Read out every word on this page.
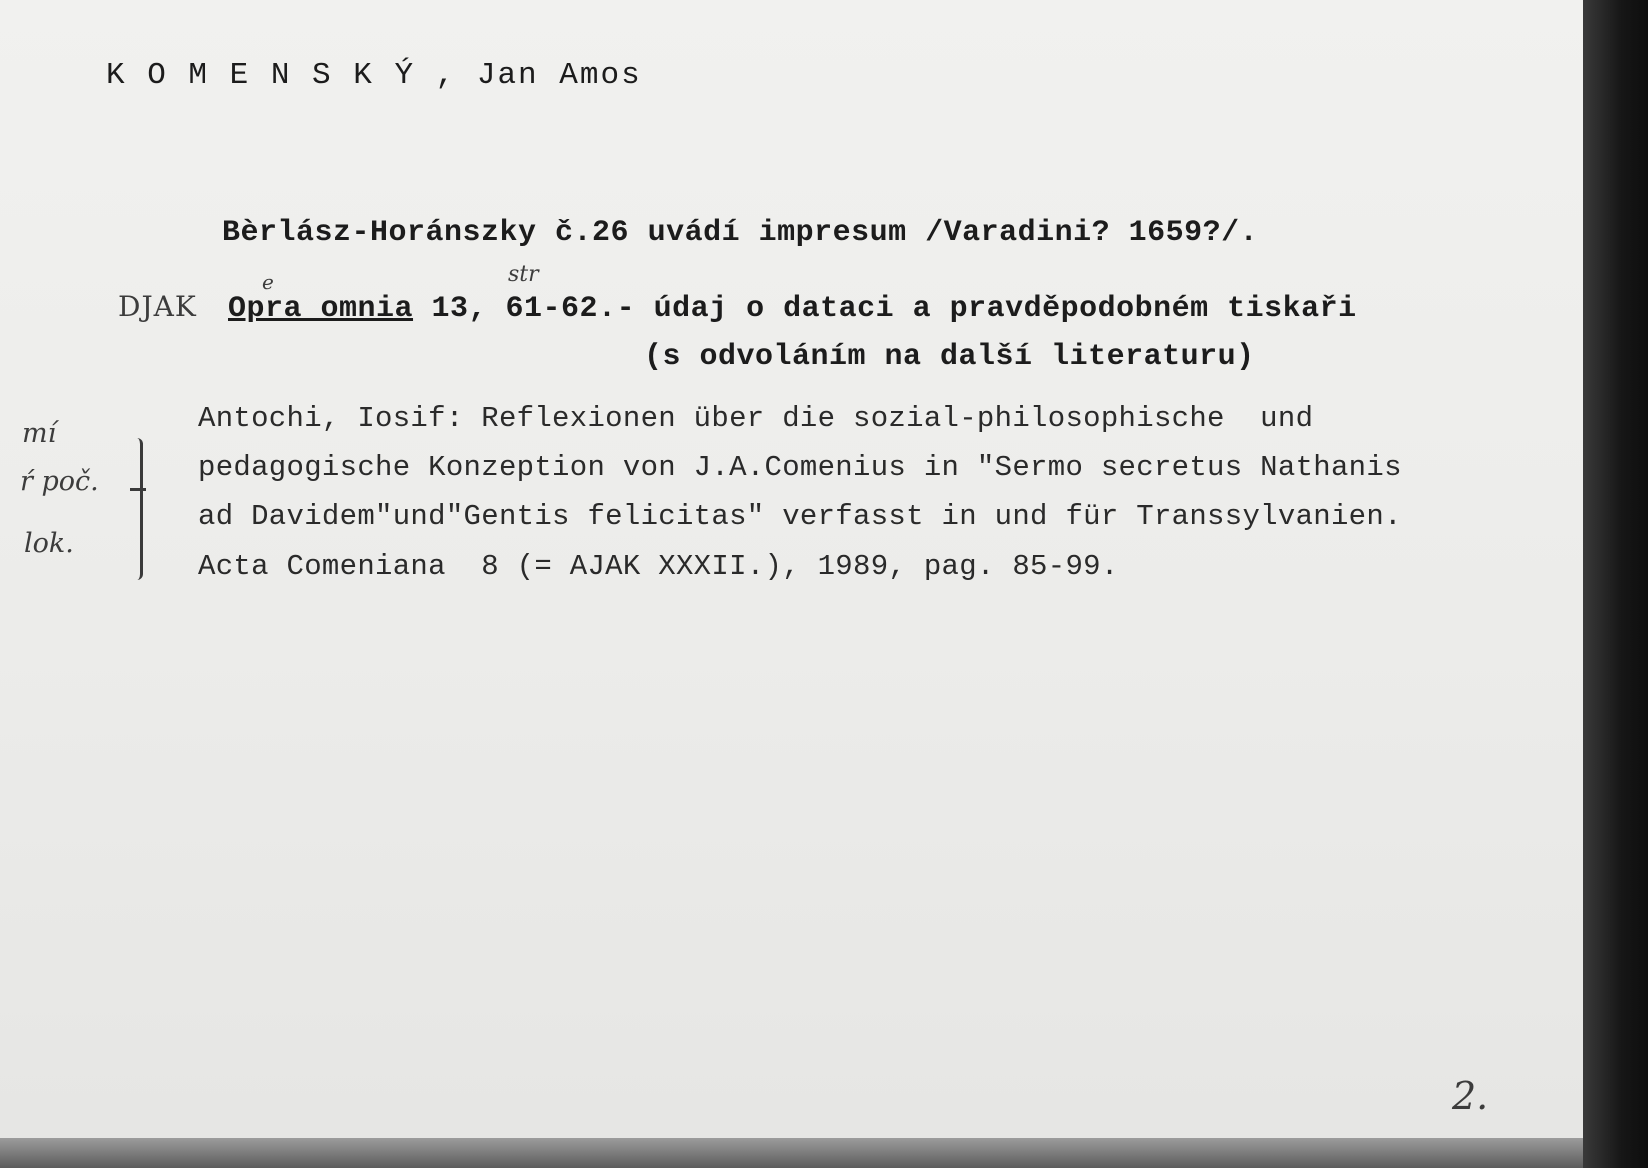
K O M E N S K Ý , Jan Amos
Bèrlász-Horánszky č.26 uvádí impresum /Varadini? 1659?/.
DJAK
e	str
Opra omnia 13, 61-62.- údaj o dataci a pravděpodobném tiskaři
(s odvoláním na další literaturu)
Antochi, Iosif: Reflexionen über die sozial-philosophische  und
pedagogische Konzeption von J.A.Comenius in "Sermo secretus Nathanis
ad Davidem"und"Gentis felicitas" verfasst in und für Transsylvanien.
Acta Comeniana  8 (= AJAK XXXII.), 1989, pag. 85-99.
mí
ŕ poč.
lok.
2.
